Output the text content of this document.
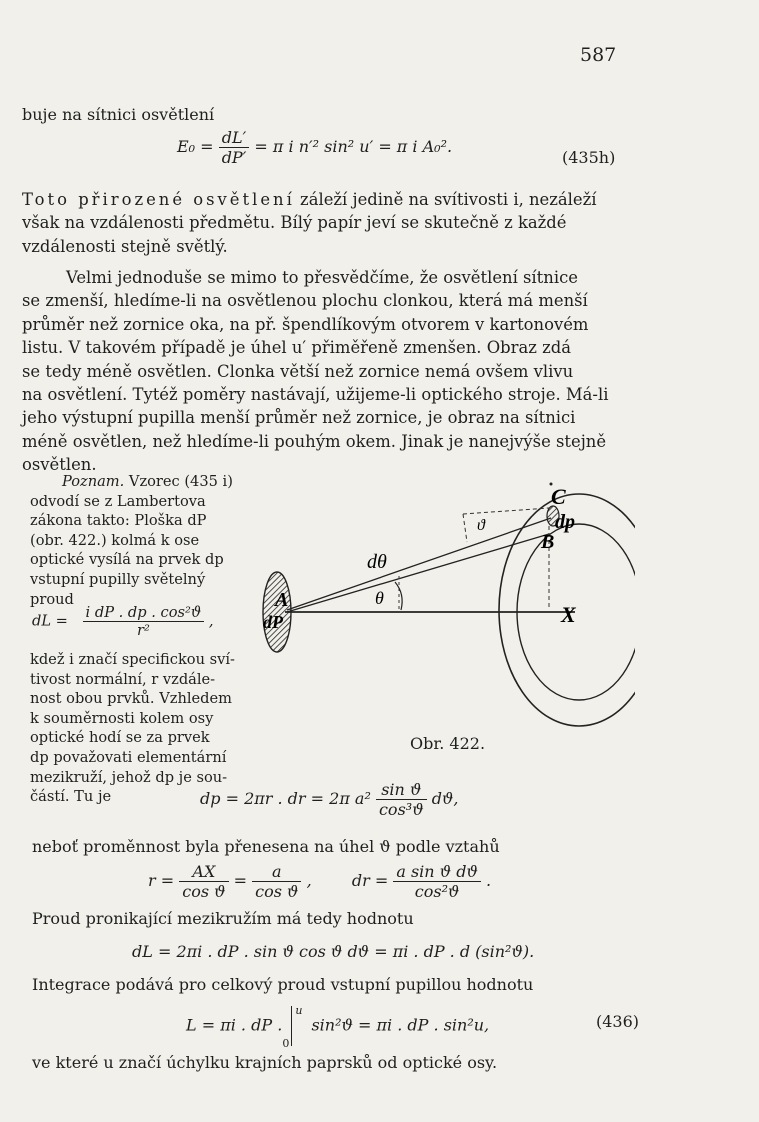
587
buje na sítnici osvětlení
$E_0 = \frac{dL'}{dP'} = \pi$ i n′² sin² u′ = π i A₀².
(435h)
Toto přirozené osvětlení záleží jedině na svítivosti i, nezáleží
však na vzdálenosti předmětu. Bílý papír jeví se skutečně z každé
vzdálenosti stejně světlý.
Velmi jednoduše se mimo to přesvědčíme, že osvětlení sítnice
se zmenší, hledíme-li na osvětlenou plochu clonkou, která má menší
průměr než zornice oka, na př. špendlíkovým otvorem v kartonovém
listu. V takovém případě je úhel u′ přiměřeně zmenšen. Obraz zdá
se tedy méně osvětlen. Clonka větší než zornice nemá ovšem vlivu
na osvětlení. Tytéž poměry nastávají, užijeme-li optického stroje. Má-li
jeho výstupní pupilla menší průměr než zornice, je obraz na sítnici
méně osvětlen, než hledíme-li pouhým okem. Jinak je nanejvýše stejně
osvětlen.
Poznam. Vzorec (435 i)
odvodí se z Lambertova
zákona takto: Ploška dP
(obr. 422.) kolmá k ose
optické vysílá na prvek dp
vstupní pupilly světelný
proud
dL = $\frac{\text{i dP . dp . cos²ϑ}}{\text{r²}}$ ,
kdež i značí specifickou sví-
tivost normální, r vzdále-
nost obou prvků. Vzhledem
k souměrnosti kolem osy
optické hodí se za prvek
dp považovati elementární
mezikruží, jehož dp je sou-
částí. Tu je
C
dp
B
X
A
dP
dθ
θ
ϑ
Obr. 422.
dp = 2πr . dr = 2π $a^2 \frac{\text{sin ϑ}}{\text{cos³ϑ}} dϑ$,
neboť proměnnost byla přenesena na úhel ϑ podle vztahů
$r = \frac{AX}{\text{cos ϑ}} = \frac{a}{\text{cos ϑ}}$ ,	dr = $\frac{\text{a sin ϑ dϑ}}{\text{cos²ϑ}}$ .
Proud pronikající mezikružím má tedy hodnotu
dL = 2πi . dP . sin ϑ cos ϑ dϑ = πi . dP . d (sin²ϑ).
Integrace podává pro celkový proud vstupní pupillou hodnotu
L = πi . dP .
u
0
sin²ϑ = πi . dP . sin²u,	(436)
ve které u značí úchylku krajních paprsků od optické osy.
